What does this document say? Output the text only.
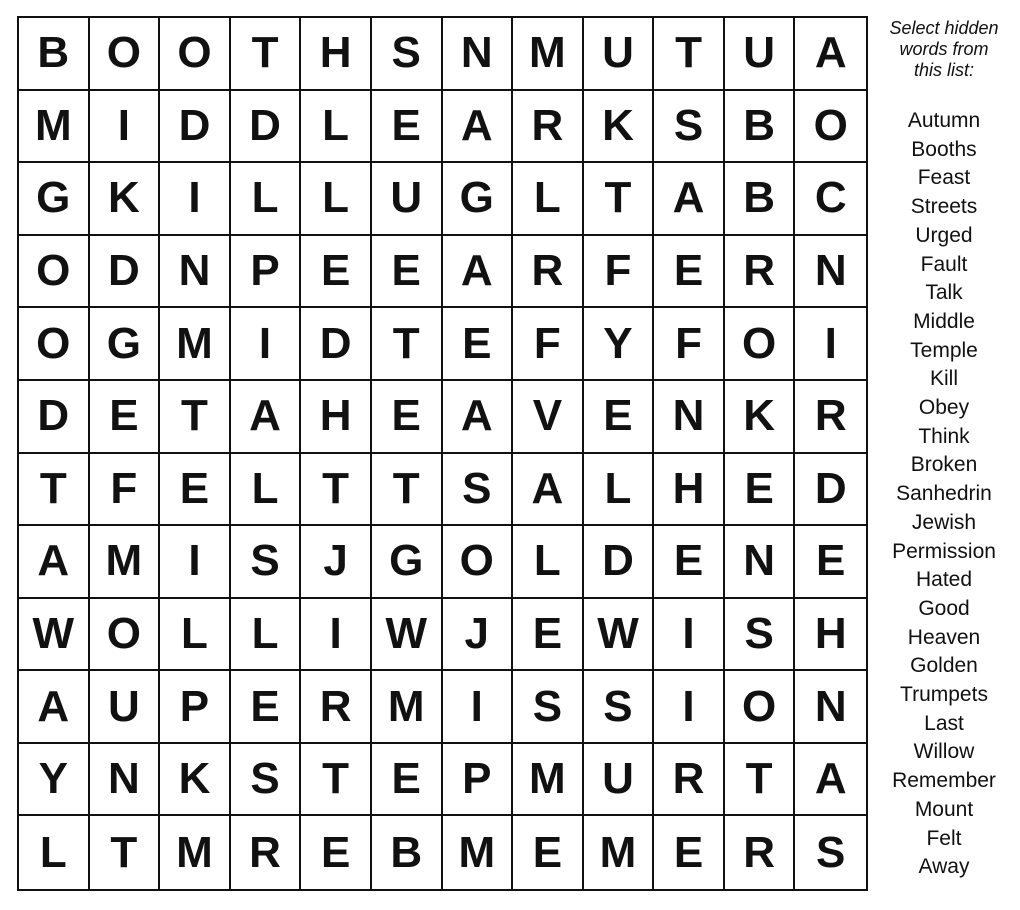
B O O T H S N M U T U A
M	I	D D L E A R K S B O
G K	I	L L U G L T A B C
O D N P E E A R F E R N
O G M	I	D T E F Y F O	I
D E T A H E A V E N K R
T F E L T T S A L H E D
A M	I	S J G O L D E N E
W O L L	I W J E W I	S H
A U P E R M	I	S S	I	O N
Y N K S T E P M U R T A
L T M R E B M E M E R S
Select hidden
words from
this list:
Autumn
Booths
Feast
Streets
Urged
Fault
Talk
Middle
Temple
Kill
Obey
Think
Broken
Sanhedrin
Jewish
Permission
Hated
Good
Heaven
Golden
Trumpets
Last
Willow
Remember
Mount
Felt
Away
